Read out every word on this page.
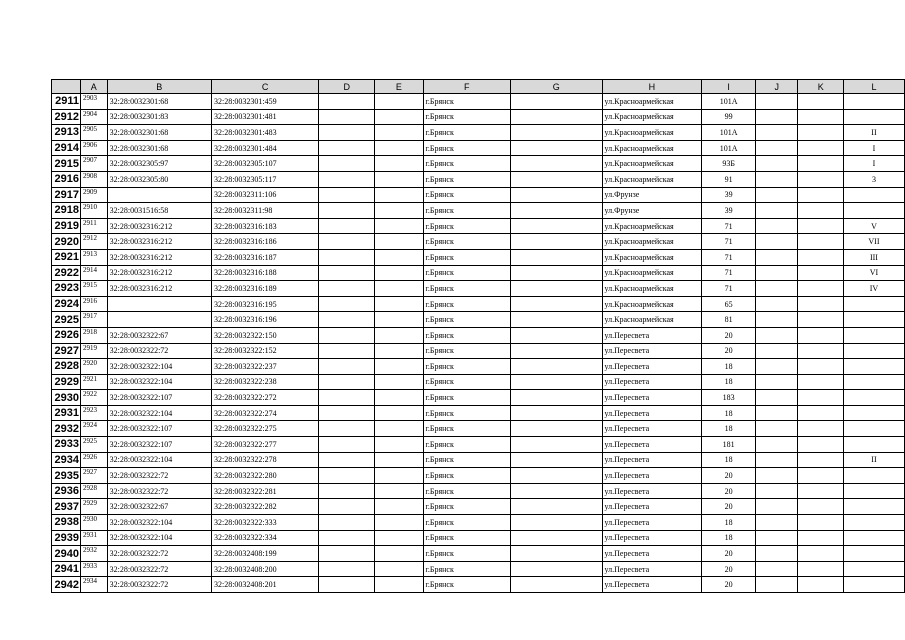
	A	B	C	D	E	F	G	H	I	J	K	L
2911	2903	32:28:0032301:68	32:28:0032301:459			г.Брянск		ул.Красноармейская	101А			
2912	2904	32:28:0032301:83	32:28:0032301:481			г.Брянск		ул.Красноармейская	99			
2913	2905	32:28:0032301:68	32:28:0032301:483			г.Брянск		ул.Красноармейская	101А			II
2914	2906	32:28:0032301:68	32:28:0032301:484			г.Брянск		ул.Красноармейская	101А			I
2915	2907	32:28:0032305:97	32:28:0032305:107			г.Брянск		ул.Красноармейская	93Б			I
2916	2908	32:28:0032305:80	32:28:0032305:117			г.Брянск		ул.Красноармейская	91			3
2917	2909		32:28:0032311:106			г.Брянск		ул.Фрунзе	39			
2918	2910	32:28:0031516:58	32:28:0032311:98			г.Брянск		ул.Фрунзе	39			
2919	2911	32:28:0032316:212	32:28:0032316:183			г.Брянск		ул.Красноармейская	71			V
2920	2912	32:28:0032316:212	32:28:0032316:186			г.Брянск		ул.Красноармейская	71			VII
2921	2913	32:28:0032316:212	32:28:0032316:187			г.Брянск		ул.Красноармейская	71			III
2922	2914	32:28:0032316:212	32:28:0032316:188			г.Брянск		ул.Красноармейская	71			VI
2923	2915	32:28:0032316:212	32:28:0032316:189			г.Брянск		ул.Красноармейская	71			IV
2924	2916		32:28:0032316:195			г.Брянск		ул.Красноармейская	65			
2925	2917		32:28:0032316:196			г.Брянск		ул.Красноармейская	81			
2926	2918	32:28:0032322:67	32:28:0032322:150			г.Брянск		ул.Пересвета	20			
2927	2919	32:28:0032322:72	32:28:0032322:152			г.Брянск		ул.Пересвета	20			
2928	2920	32:28:0032322:104	32:28:0032322:237			г.Брянск		ул.Пересвета	18			
2929	2921	32:28:0032322:104	32:28:0032322:238			г.Брянск		ул.Пересвета	18			
2930	2922	32:28:0032322:107	32:28:0032322:272			г.Брянск		ул.Пересвета	183			
2931	2923	32:28:0032322:104	32:28:0032322:274			г.Брянск		ул.Пересвета	18			
2932	2924	32:28:0032322:107	32:28:0032322:275			г.Брянск		ул.Пересвета	18			
2933	2925	32:28:0032322:107	32:28:0032322:277			г.Брянск		ул.Пересвета	181			
2934	2926	32:28:0032322:104	32:28:0032322:278			г.Брянск		ул.Пересвета	18			II
2935	2927	32:28:0032322:72	32:28:0032322:280			г.Брянск		ул.Пересвета	20			
2936	2928	32:28:0032322:72	32:28:0032322:281			г.Брянск		ул.Пересвета	20			
2937	2929	32:28:0032322:67	32:28:0032322:282			г.Брянск		ул.Пересвета	20			
2938	2930	32:28:0032322:104	32:28:0032322:333			г.Брянск		ул.Пересвета	18			
2939	2931	32:28:0032322:104	32:28:0032322:334			г.Брянск		ул.Пересвета	18			
2940	2932	32:28:0032322:72	32:28:0032408:199			г.Брянск		ул.Пересвета	20			
2941	2933	32:28:0032322:72	32:28:0032408:200			г.Брянск		ул.Пересвета	20			
2942	2934	32:28:0032322:72	32:28:0032408:201			г.Брянск		ул.Пересвета	20			
